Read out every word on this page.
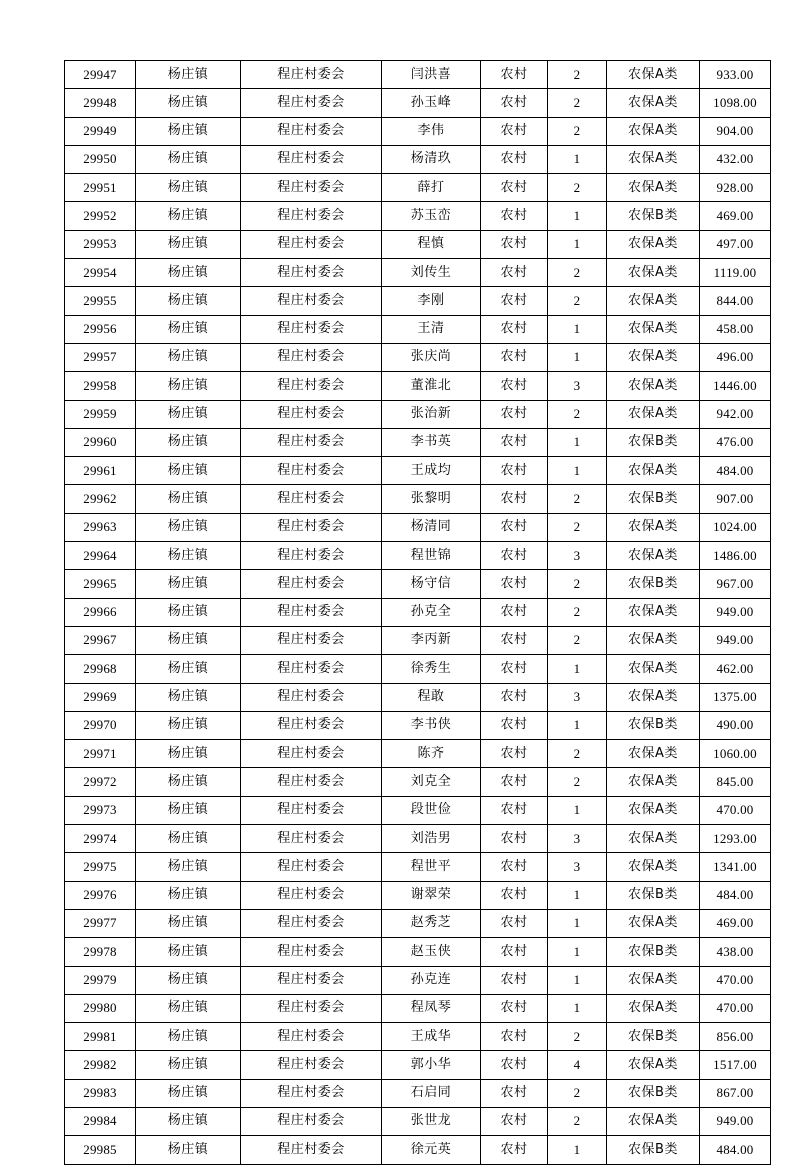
29947	杨庄镇	程庄村委会	闫洪喜	农村	2	农保A类	933.00
29948	杨庄镇	程庄村委会	孙玉峰	农村	2	农保A类	1098.00
29949	杨庄镇	程庄村委会	李伟	农村	2	农保A类	904.00
29950	杨庄镇	程庄村委会	杨清玖	农村	1	农保A类	432.00
29951	杨庄镇	程庄村委会	薛打	农村	2	农保A类	928.00
29952	杨庄镇	程庄村委会	苏玉峦	农村	1	农保B类	469.00
29953	杨庄镇	程庄村委会	程慎	农村	1	农保A类	497.00
29954	杨庄镇	程庄村委会	刘传生	农村	2	农保A类	1119.00
29955	杨庄镇	程庄村委会	李刚	农村	2	农保A类	844.00
29956	杨庄镇	程庄村委会	王清	农村	1	农保A类	458.00
29957	杨庄镇	程庄村委会	张庆尚	农村	1	农保A类	496.00
29958	杨庄镇	程庄村委会	董淮北	农村	3	农保A类	1446.00
29959	杨庄镇	程庄村委会	张治新	农村	2	农保A类	942.00
29960	杨庄镇	程庄村委会	李书英	农村	1	农保B类	476.00
29961	杨庄镇	程庄村委会	王成均	农村	1	农保A类	484.00
29962	杨庄镇	程庄村委会	张黎明	农村	2	农保B类	907.00
29963	杨庄镇	程庄村委会	杨清同	农村	2	农保A类	1024.00
29964	杨庄镇	程庄村委会	程世锦	农村	3	农保A类	1486.00
29965	杨庄镇	程庄村委会	杨守信	农村	2	农保B类	967.00
29966	杨庄镇	程庄村委会	孙克全	农村	2	农保A类	949.00
29967	杨庄镇	程庄村委会	李丙新	农村	2	农保A类	949.00
29968	杨庄镇	程庄村委会	徐秀生	农村	1	农保A类	462.00
29969	杨庄镇	程庄村委会	程敢	农村	3	农保A类	1375.00
29970	杨庄镇	程庄村委会	李书侠	农村	1	农保B类	490.00
29971	杨庄镇	程庄村委会	陈齐	农村	2	农保A类	1060.00
29972	杨庄镇	程庄村委会	刘克全	农村	2	农保A类	845.00
29973	杨庄镇	程庄村委会	段世俭	农村	1	农保A类	470.00
29974	杨庄镇	程庄村委会	刘浩男	农村	3	农保A类	1293.00
29975	杨庄镇	程庄村委会	程世平	农村	3	农保A类	1341.00
29976	杨庄镇	程庄村委会	谢翠荣	农村	1	农保B类	484.00
29977	杨庄镇	程庄村委会	赵秀芝	农村	1	农保A类	469.00
29978	杨庄镇	程庄村委会	赵玉侠	农村	1	农保B类	438.00
29979	杨庄镇	程庄村委会	孙克连	农村	1	农保A类	470.00
29980	杨庄镇	程庄村委会	程凤琴	农村	1	农保A类	470.00
29981	杨庄镇	程庄村委会	王成华	农村	2	农保B类	856.00
29982	杨庄镇	程庄村委会	郭小华	农村	4	农保A类	1517.00
29983	杨庄镇	程庄村委会	石启同	农村	2	农保B类	867.00
29984	杨庄镇	程庄村委会	张世龙	农村	2	农保A类	949.00
29985	杨庄镇	程庄村委会	徐元英	农村	1	农保B类	484.00
